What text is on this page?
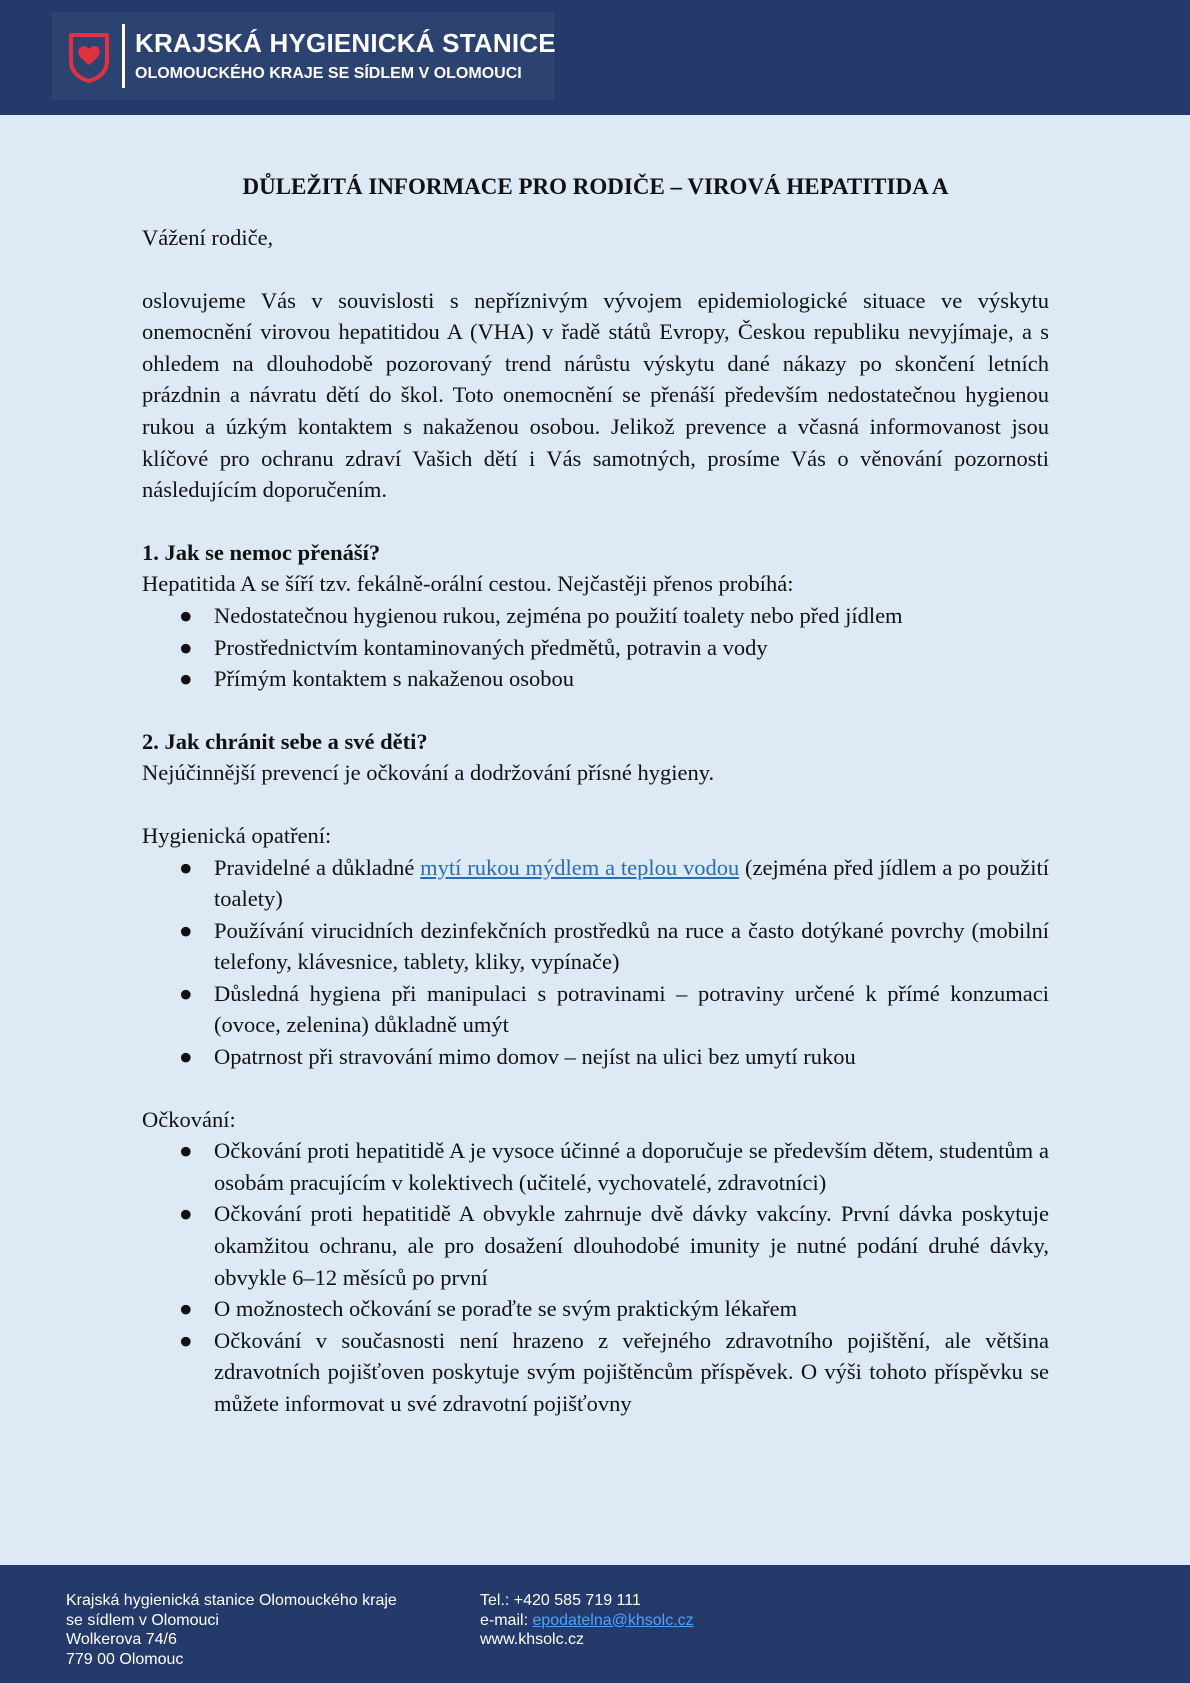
KRAJSKÁ HYGIENICKÁ STANICE
OLOMOUCKÉHO KRAJE SE SÍDLEM V OLOMOUCI
DŮLEŽITÁ INFORMACE PRO RODIČE – VIROVÁ HEPATITIDA A

Vážení rodiče,

oslovujeme Vás v souvislosti s nepříznivým vývojem epidemiologické situace ve výskytu onemocnění virovou hepatitidou A (VHA) v řadě států Evropy, Českou republiku nevyjímaje, a s ohledem na dlouhodobě pozorovaný trend nárůstu výskytu dané nákazy po skončení letních prázdnin a návratu dětí do škol. Toto onemocnění se přenáší především nedostatečnou hygienou rukou a úzkým kontaktem s nakaženou osobou. Jelikož prevence a včasná informovanost jsou klíčové pro ochranu zdraví Vašich dětí i Vás samotných, prosíme Vás o věnování pozornosti následujícím doporučením.

1. Jak se nemoc přenáší?

Hepatitida A se šíří tzv. fekálně-orální cestou. Nejčastěji přenos probíhá:

● Nedostatečnou hygienou rukou, zejména po použití toalety nebo před jídlem
● Prostřednictvím kontaminovaných předmětů, potravin a vody
● Přímým kontaktem s nakaženou osobou

2. Jak chránit sebe a své děti?

Nejúčinnější prevencí je očkování a dodržování přísné hygieny.

Hygienická opatření:

● Pravidelné a důkladné mytí rukou mýdlem a teplou vodou (zejména před jídlem a po použití toalety)
● Používání virucidních dezinfekčních prostředků na ruce a často dotýkané povrchy (mobilní telefony, klávesnice, tablety, kliky, vypínače)
● Důsledná hygiena při manipulaci s potravinami – potraviny určené k přímé konzumaci (ovoce, zelenina) důkladně umýt
● Opatrnost při stravování mimo domov – nejíst na ulici bez umytí rukou

Očkování:

● Očkování proti hepatitidě A je vysoce účinné a doporučuje se především dětem, studentům a osobám pracujícím v kolektivech (učitelé, vychovatelé, zdravotníci)
● Očkování proti hepatitidě A obvykle zahrnuje dvě dávky vakcíny. První dávka poskytuje okamžitou ochranu, ale pro dosažení dlouhodobé imunity je nutné podání druhé dávky, obvykle 6–12 měsíců po první
● O možnostech očkování se poraďte se svým praktickým lékařem
● Očkování v současnosti není hrazeno z veřejného zdravotního pojištění, ale většina zdravotních pojišťoven poskytuje svým pojištěncům příspěvek. O výši tohoto příspěvku se můžete informovat u své zdravotní pojišťovny
Krajská hygienická stanice Olomouckého kraje
se sídlem v Olomouci
Wolkerova 74/6
779 00 Olomouc
Tel.: +420 585 719 111
e-mail: epodatelna@khsolc.cz
www.khsolc.cz
